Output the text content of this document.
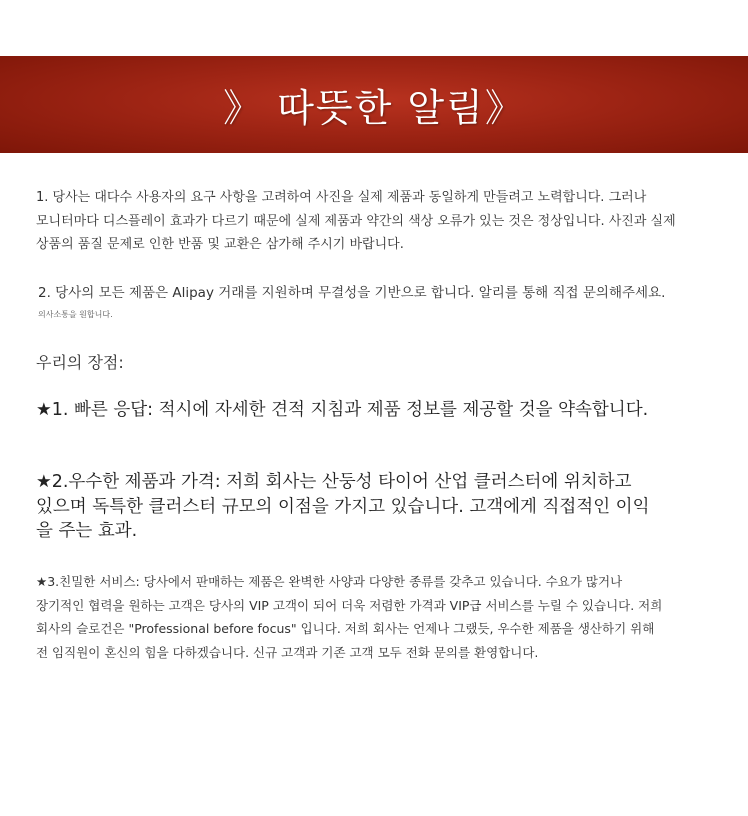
》 따뜻한 알림》
1. 당사는 대다수 사용자의 요구 사항을 고려하여 사진을 실제 제품과 동일하게 만들려고 노력합니다. 그러나
모니터마다 디스플레이 효과가 다르기 때문에 실제 제품과 약간의 색상 오류가 있는 것은 정상입니다. 사진과 실제
상품의 품질 문제로 인한 반품 및 교환은 삼가해 주시기 바랍니다.
2. 당사의 모든 제품은 Alipay 거래를 지원하며 무결성을 기반으로 합니다. 알리를 통해 직접 문의해주세요.
의사소통을 원합니다.
우리의 장점:
★1. 빠른 응답: 적시에 자세한 견적 지침과 제품 정보를 제공할 것을 약속합니다.
★2.우수한 제품과 가격: 저희 회사는 산둥성 타이어 산업 클러스터에 위치하고
있으며 독특한 클러스터 규모의 이점을 가지고 있습니다. 고객에게 직접적인 이익
을 주는 효과.
★3.친밀한 서비스: 당사에서 판매하는 제품은 완벽한 사양과 다양한 종류를 갖추고 있습니다. 수요가 많거나
장기적인 협력을 원하는 고객은 당사의 VIP 고객이 되어 더욱 저렴한 가격과 VIP급 서비스를 누릴 수 있습니다. 저희
회사의 슬로건은 "Professional before focus" 입니다. 저희 회사는 언제나 그랬듯, 우수한 제품을 생산하기 위해
전 임직원이 혼신의 힘을 다하겠습니다. 신규 고객과 기존 고객 모두 전화 문의를 환영합니다.
